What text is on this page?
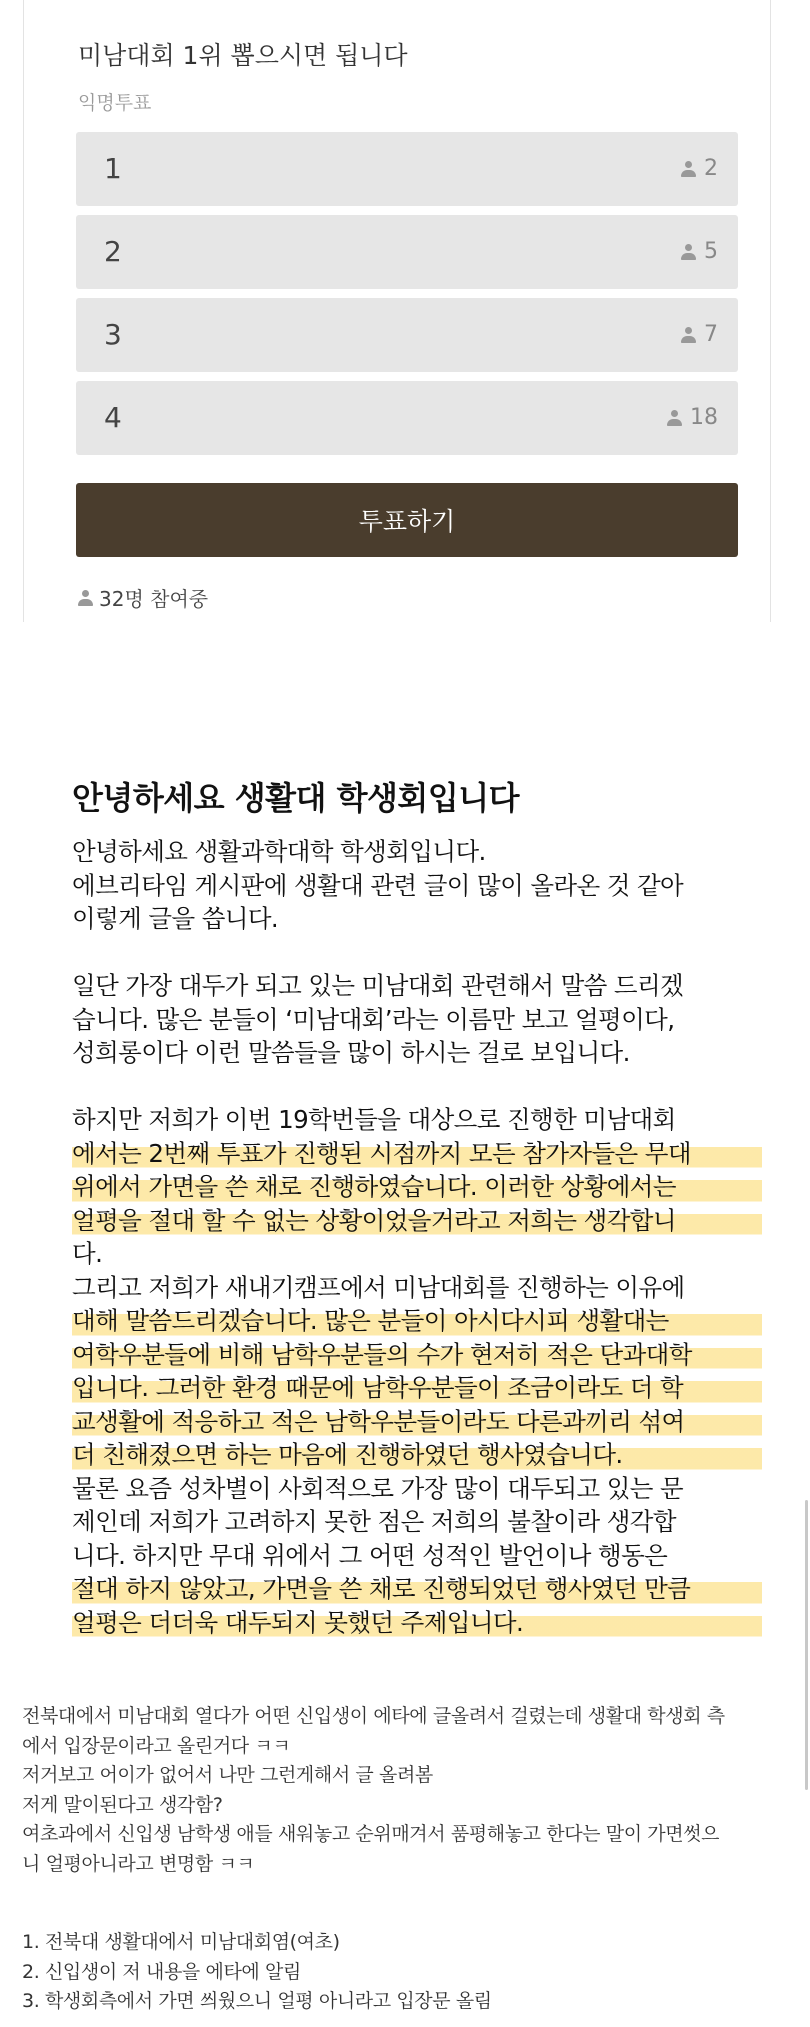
미남대회 1위 뽑으시면 됩니다
익명투표
1	2
2	5
3	7
4	18
투표하기
32명 참여중
안녕하세요 생활대 학생회입니다
안녕하세요 생활과학대학 학생회입니다.
에브리타임 게시판에 생활대 관련 글이 많이 올라온 것 같아
이렇게 글을 씁니다.
일단 가장 대두가 되고 있는 미남대회 관련해서 말씀 드리겠
습니다. 많은 분들이 ‘미남대회’라는 이름만 보고 얼평이다,
성희롱이다 이런 말씀들을 많이 하시는 걸로 보입니다.
하지만 저희가 이번 19학번들을 대상으로 진행한 미남대회
에서는 2번째 투표가 진행된 시점까지 모든 참가자들은 무대
위에서 가면을 쓴 채로 진행하였습니다. 이러한 상황에서는
얼평을 절대 할 수 없는 상황이었을거라고 저희는 생각합니
다.
그리고 저희가 새내기캠프에서 미남대회를 진행하는 이유에
대해 말씀드리겠습니다. 많은 분들이 아시다시피 생활대는
여학우분들에 비해 남학우분들의 수가 현저히 적은 단과대학
입니다. 그러한 환경 때문에 남학우분들이 조금이라도 더 학
교생활에 적응하고 적은 남학우분들이라도 다른과끼리 섞여
더 친해졌으면 하는 마음에 진행하였던 행사였습니다.
물론 요즘 성차별이 사회적으로 가장 많이 대두되고 있는 문
제인데 저희가 고려하지 못한 점은 저희의 불찰이라 생각합
니다. 하지만 무대 위에서 그 어떤 성적인 발언이나 행동은
절대 하지 않았고, 가면을 쓴 채로 진행되었던 행사였던 만큼
얼평은 더더욱 대두되지 못했던 주제입니다.
전북대에서 미남대회 열다가 어떤 신입생이 에타에 글올려서 걸렸는데 생활대 학생회 측
에서 입장문이라고 올린거다 ㅋㅋ
저거보고 어이가 없어서 나만 그런게해서 글 올려봄
저게 말이된다고 생각함?
여초과에서 신입생 남학생 애들 새워놓고 순위매겨서 품평해놓고 한다는 말이 가면썻으
니 얼평아니라고 변명함 ㅋㅋ
1. 전북대 생활대에서 미남대회염(여초)
2. 신입생이 저 내용을 에타에 알림
3. 학생회측에서 가면 씌웠으니 얼평 아니라고 입장문 올림
